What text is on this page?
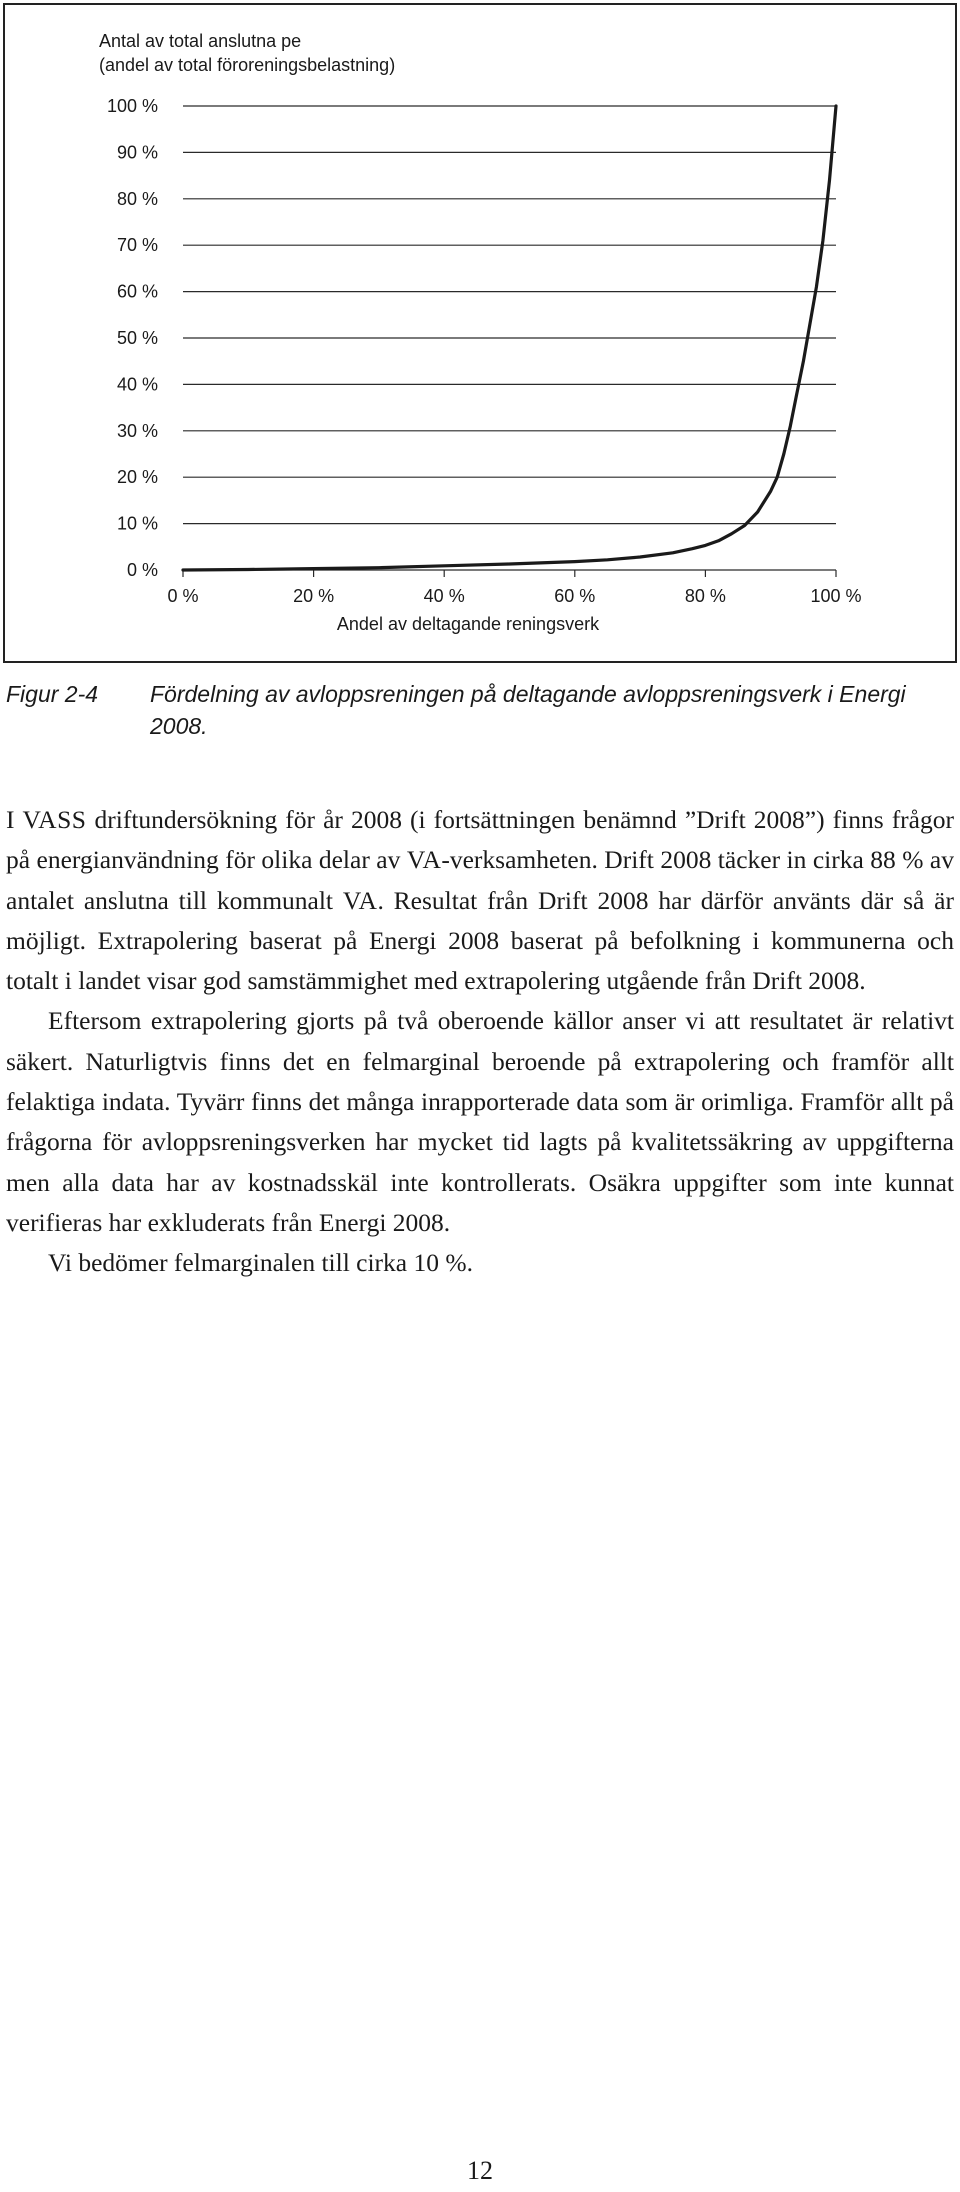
Antal av total anslutna pe
(andel av total föroreningsbelastning)
Andel av deltagande reningsverk
100 %
90 %
80 %
70 %
60 %
50 %
40 %
30 %
20 %
10 %
0 %
0 %	20 %	40 %	60 %	80 %	100 %
Figur 2-4 Fördelning av avloppsreningen på deltagande avloppsreningsverk i Energi 2008.

I VASS driftundersökning för år 2008 (i fortsättningen benämnd ”Drift 2008”) finns frågor på energianvändning för olika delar av VA-verksamheten. Drift 2008 täcker in cirka 88 % av antalet anslutna till kommunalt VA. Resultat från Drift 2008 har därför använts där så är möjligt. Extrapolering baserat på Energi 2008 baserat på befolkning i kommunerna och totalt i landet visar god samstämmighet med extrapolering utgående från Drift 2008.

Eftersom extrapolering gjorts på två oberoende källor anser vi att resultatet är relativt säkert. Naturligtvis finns det en felmarginal beroende på extrapolering och framför allt felaktiga indata. Tyvärr finns det många inrapporterade data som är orimliga. Framför allt på frågorna för avloppsreningsverken har mycket tid lagts på kvalitetssäkring av uppgifterna men alla data har av kostnadsskäl inte kontrollerats. Osäkra uppgifter som inte kunnat verifieras har exkluderats från Energi 2008.

Vi bedömer felmarginalen till cirka 10 %.

12
